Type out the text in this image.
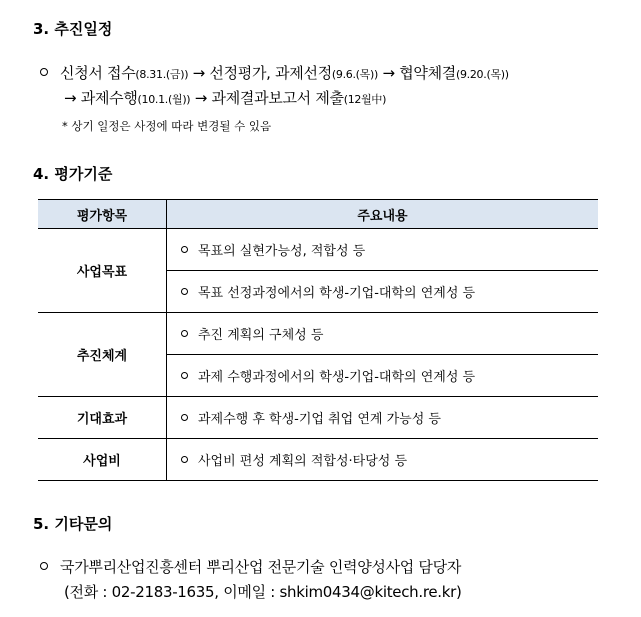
3. 추진일정
신청서 접수(8.31.(금)) → 선정평가, 과제선정(9.6.(목)) → 협약체결(9.20.(목))
→ 과제수행(10.1.(월)) → 과제결과보고서 제출(12월中)
* 상기 일정은 사정에 따라 변경될 수 있음
4. 평가기준
평가항목	주요내용
사업목표	목표의 실현가능성, 적합성 등
	목표 선정과정에서의 학생-기업-대학의 연계성 등
추진체계	추진 계획의 구체성 등
	과제 수행과정에서의 학생-기업-대학의 연계성 등
기대효과	과제수행 후 학생-기업 취업 연계 가능성 등
사업비	사업비 편성 계획의 적합성·타당성 등
5. 기타문의
국가뿌리산업진흥센터 뿌리산업 전문기술 인력양성사업 담당자
(전화 : 02-2183-1635, 이메일 : shkim0434@kitech.re.kr)
